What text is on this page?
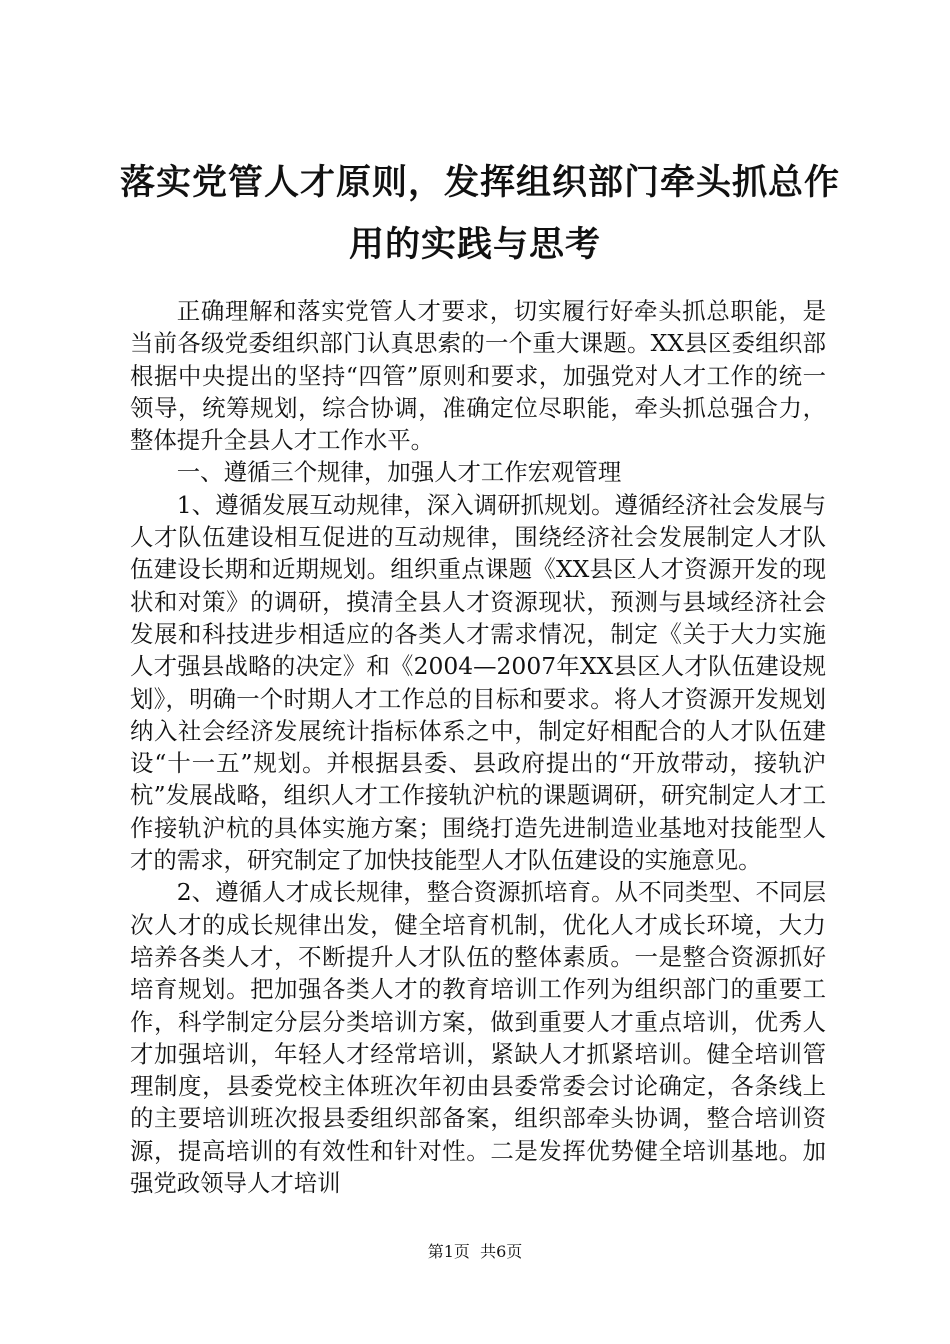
落实党管人才原则，发挥组织部门牵头抓总作
用的实践与思考

正确理解和落实党管人才要求，切实履行好牵头抓总职能，是当前各级党委组织部门认真思索的一个重大课题。XX县区委组织部根据中央提出的坚持“四管”原则和要求，加强党对人才工作的统一领导，统筹规划，综合协调，准确定位尽职能，牵头抓总强合力，整体提升全县人才工作水平。

一、遵循三个规律，加强人才工作宏观管理

1、遵循发展互动规律，深入调研抓规划。遵循经济社会发展与人才队伍建设相互促进的互动规律，围绕经济社会发展制定人才队伍建设长期和近期规划。组织重点课题《XX县区人才资源开发的现状和对策》的调研，摸清全县人才资源现状，预测与县域经济社会发展和科技进步相适应的各类人才需求情况，制定《关于大力实施人才强县战略的决定》和《2004—2007年XX县区人才队伍建设规划》，明确一个时期人才工作总的目标和要求。将人才资源开发规划纳入社会经济发展统计指标体系之中，制定好相配合的人才队伍建设“十一五”规划。并根据县委、县政府提出的“开放带动，接轨沪杭”发展战略，组织人才工作接轨沪杭的课题调研，研究制定人才工作接轨沪杭的具体实施方案；围绕打造先进制造业基地对技能型人才的需求，研究制定了加快技能型人才队伍建设的实施意见。

2、遵循人才成长规律，整合资源抓培育。从不同类型、不同层次人才的成长规律出发，健全培育机制，优化人才成长环境，大力培养各类人才，不断提升人才队伍的整体素质。一是整合资源抓好培育规划。把加强各类人才的教育培训工作列为组织部门的重要工作，科学制定分层分类培训方案，做到重要人才重点培训，优秀人才加强培训，年轻人才经常培训，紧缺人才抓紧培训。健全培训管理制度，县委党校主体班次年初由县委常委会讨论确定，各条线上的主要培训班次报县委组织部备案，组织部牵头协调，整合培训资源，提高培训的有效性和针对性。二是发挥优势健全培训基地。加强党政领导人才培训

第1页  共6页
